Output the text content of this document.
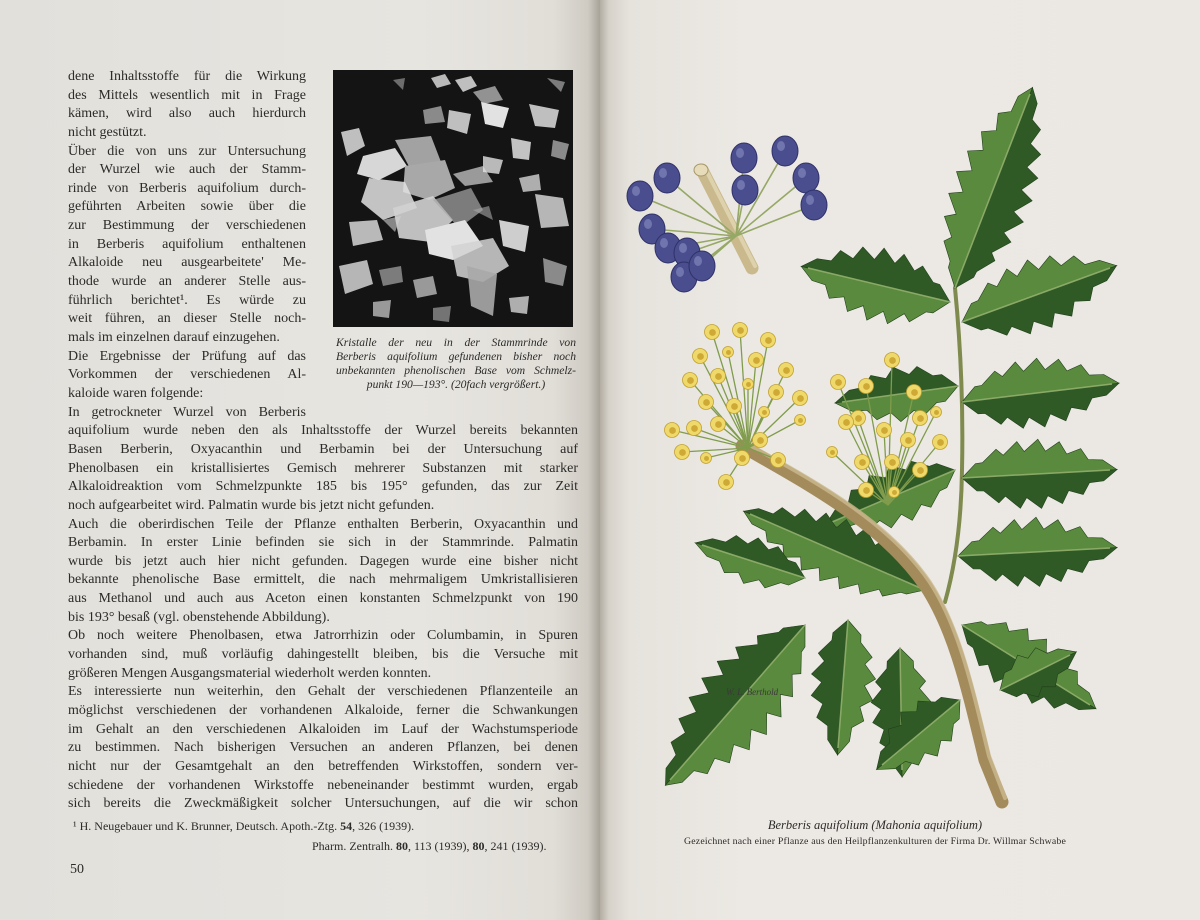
dene Inhaltsstoffe für die Wirkung
des Mittels wesentlich mit in Frage
kämen, wird also auch hierdurch
nicht gestützt.
Über die von uns zur Untersuchung
der Wurzel wie auch der Stamm-
rinde von Berberis aquifolium durch-
geführten Arbeiten sowie über die
zur Bestimmung der verschiedenen
in Berberis aquifolium enthaltenen
Alkaloide neu ausgearbeitete' Me-
thode wurde an anderer Stelle aus-
führlich berichtet¹. Es würde zu
weit führen, an dieser Stelle noch-
mals im einzelnen darauf einzugehen.
Die Ergebnisse der Prüfung auf das
Vorkommen der verschiedenen Al-
kaloide waren folgende:
In getrockneter Wurzel von Berberis
aquifolium wurde neben den als Inhaltsstoffe der Wurzel bereits bekannten
Basen Berberin, Oxyacanthin und Berbamin bei der Untersuchung auf
Phenolbasen ein kristallisiertes Gemisch mehrerer Substanzen mit starker
Alkaloidreaktion vom Schmelzpunkte 185 bis 195° gefunden, das zur Zeit
noch aufgearbeitet wird. Palmatin wurde bis jetzt nicht gefunden.
Auch die oberirdischen Teile der Pflanze enthalten Berberin, Oxyacanthin und
Berbamin. In erster Linie befinden sie sich in der Stammrinde. Palmatin
wurde bis jetzt auch hier nicht gefunden. Dagegen wurde eine bisher nicht
bekannte phenolische Base ermittelt, die nach mehrmaligem Umkristallisieren
aus Methanol und auch aus Aceton einen konstanten Schmelzpunkt von 190
bis 193° besaß (vgl. obenstehende Abbildung).
Ob noch weitere Phenolbasen, etwa Jatrorrhizin oder Columbamin, in Spuren
vorhanden sind, muß vorläufig dahingestellt bleiben, bis die Versuche mit
größeren Mengen Ausgangsmaterial wiederholt werden konnten.
Es interessierte nun weiterhin, den Gehalt der verschiedenen Pflanzenteile an
möglichst verschiedenen der vorhandenen Alkaloide, ferner die Schwankungen
im Gehalt an den verschiedenen Alkaloiden im Lauf der Wachstumsperiode
zu bestimmen. Nach bisherigen Versuchen an anderen Pflanzen, bei denen
nicht nur der Gesamtgehalt an den betreffenden Wirkstoffen, sondern ver-
schiedene der vorhandenen Wirkstoffe nebeneinander bestimmt wurden, ergab
sich bereits die Zweckmäßigkeit solcher Untersuchungen, auf die wir schon
Kristalle der neu in der Stammrinde von
Berberis aquifolium gefundenen bisher noch
unbekannten phenolischen Base vom Schmelz-
punkt 190—193°. (20fach vergrößert.)
¹ H. Neugebauer und K. Brunner, Deutsch. Apoth.-Ztg. 54, 326 (1939).
Pharm. Zentralh. 80, 113 (1939), 80, 241 (1939).
50
W. L. Berthold
Berberis aquifolium (Mahonia aquifolium)
Gezeichnet nach einer Pflanze aus den Heilpflanzenkulturen der Firma Dr. Willmar Schwabe
